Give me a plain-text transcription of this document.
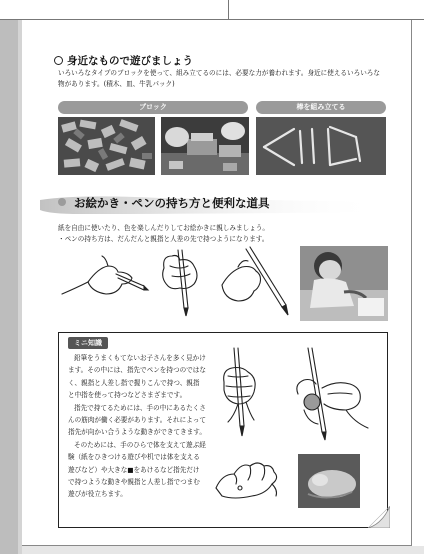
身近なもので遊びましょう
いろいろなタイプのブロックを使って、組み立てるのには、必要な力が養われます。身近に使えるいろいろな物があります。(積木、皿、牛乳パック)
ブロック	棒を組み立てる
お絵かき・ペンの持ち方と便利な道具
紙を自由に使いたり、色を楽しんだりしてお絵かきに親しみましょう。
・ペンの持ち方は、だんだんと親指と人差の先で持つようになります。
ミニ知識

鉛筆をうまくもてないお子さんを多く見かけます。その中には、指先でペンを持つのではなく、親指と人差し指で握りこんで持つ、親指と中指を使って持つなどさまざまです。

指先で持てるためには、手の中にあるたくさんの筋肉が働く必要があります。それによって指先が向かい合うような動きができてきます。

そのためには、手のひらで体を支えて遊ぶ経験（紙をひきつける遊びや机では体を支える遊びなど）や大きな■をあけるなど指先だけで持つような動きや親指と人差し指でつまむ遊びが役立ちます。
